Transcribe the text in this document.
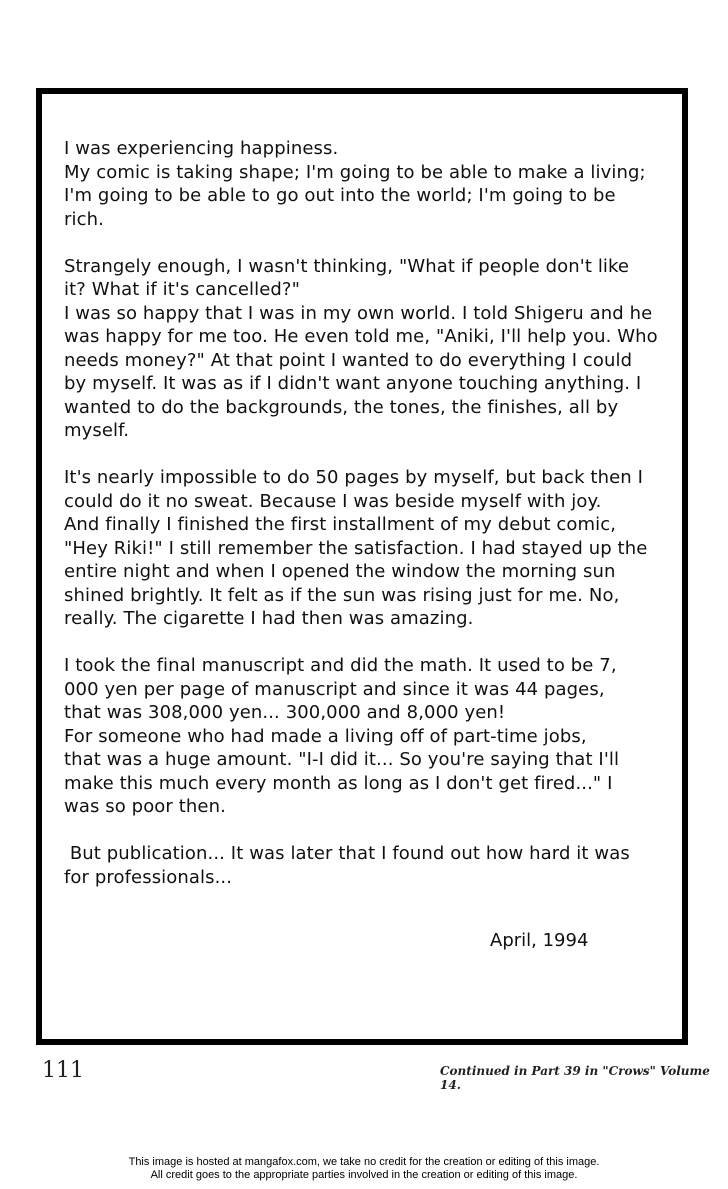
I was experiencing happiness.
My comic is taking shape; I'm going to be able to make a living;
I'm going to be able to go out into the world; I'm going to be
rich.

Strangely enough, I wasn't thinking, "What if people don't like
it? What if it's cancelled?"
I was so happy that I was in my own world. I told Shigeru and he
was happy for me too. He even told me, "Aniki, I'll help you. Who
needs money?" At that point I wanted to do everything I could
by myself. It was as if I didn't want anyone touching anything. I
wanted to do the backgrounds, the tones, the finishes, all by
myself.

It's nearly impossible to do 50 pages by myself, but back then I
could do it no sweat. Because I was beside myself with joy.
And finally I finished the first installment of my debut comic,
"Hey Riki!" I still remember the satisfaction. I had stayed up the
entire night and when I opened the window the morning sun
shined brightly. It felt as if the sun was rising just for me. No,
really. The cigarette I had then was amazing.

I took the final manuscript and did the math. It used to be 7,
000 yen per page of manuscript and since it was 44 pages,
that was 308,000 yen... 300,000 and 8,000 yen!
For someone who had made a living off of part-time jobs,
that was a huge amount. "I-I did it... So you're saying that I'll
make this much every month as long as I don't get fired..." I
was so poor then.

But publication... It was later that I found out how hard it was
for professionals...

April, 1994
111	Continued in Part 39 in "Crows" Volume 14.
This image is hosted at mangafox.com, we take no credit for the creation or editing of this image.
All credit goes to the appropriate parties involved in the creation or editing of this image.
